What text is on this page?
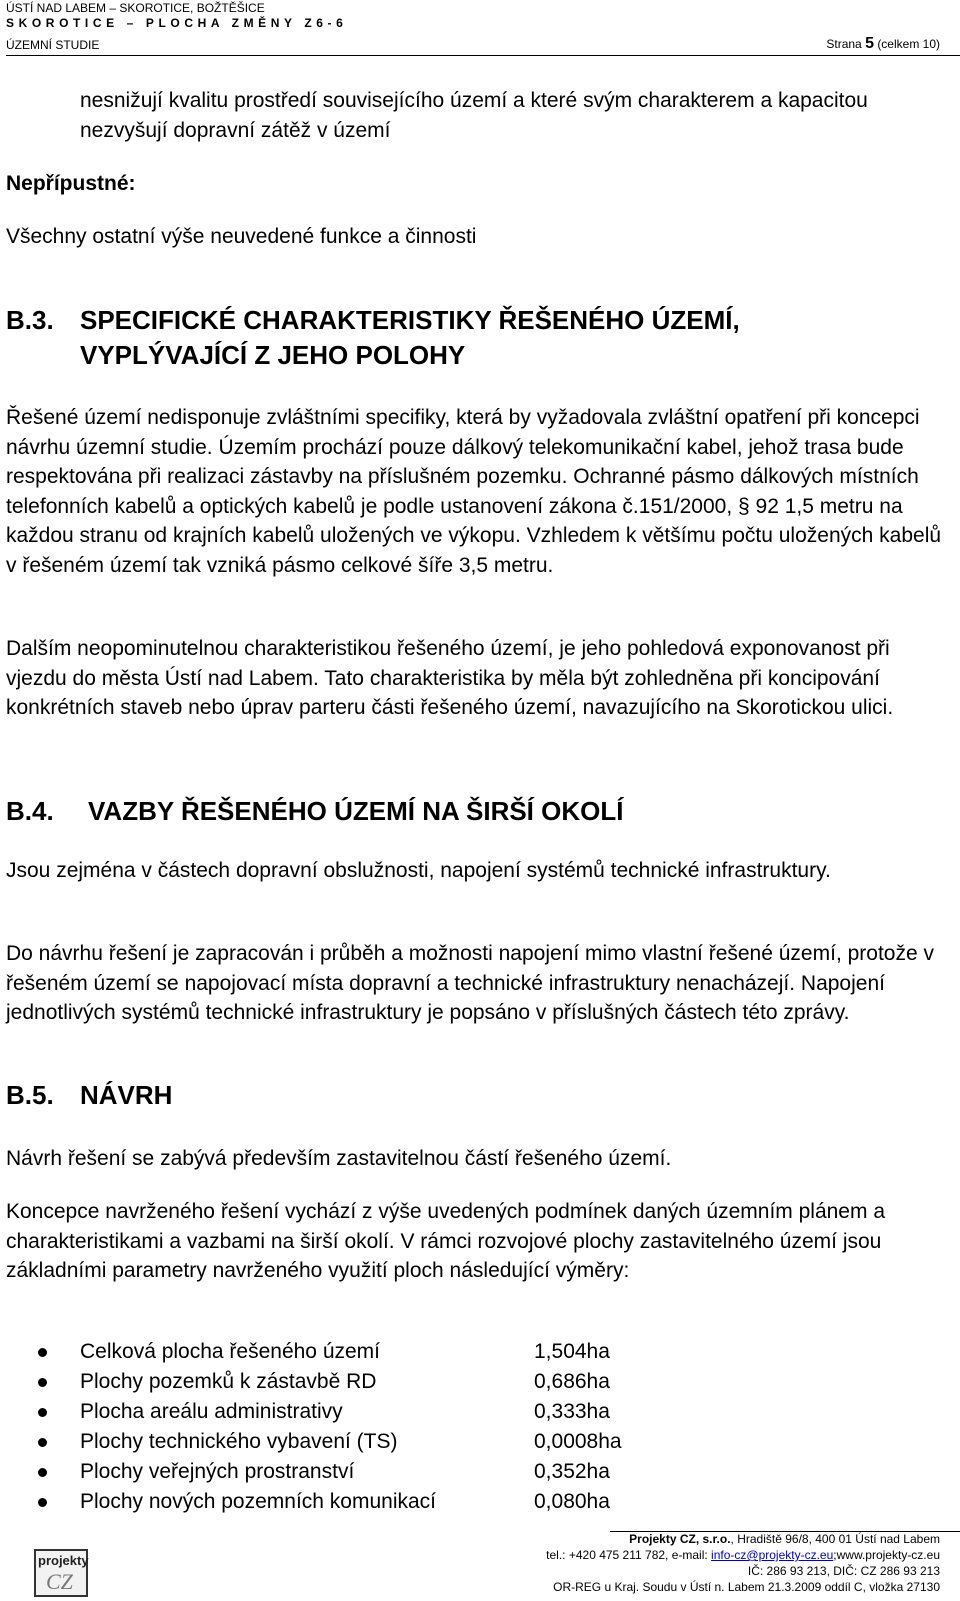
ÚSTÍ NAD LABEM – SKOROTICE, BOŽTĚŠICE
SKOROTICE – PLOCHA ZMĚNY Z6-6
ÚZEMNÍ STUDIE	Strana 5 (celkem 10)
nesnižují kvalitu prostředí souvisejícího území a které svým charakterem a kapacitou nezvyšují dopravní zátěž v území
Nepřípustné:
Všechny ostatní výše neuvedené funkce a činnosti
B.3. SPECIFICKÉ CHARAKTERISTIKY ŘEŠENÉHO ÚZEMÍ,
VYPLÝVAJÍCÍ Z JEHO POLOHY
Řešené území nedisponuje zvláštními specifiky, která by vyžadovala zvláštní opatření při koncepci návrhu územní studie. Územím prochází pouze dálkový telekomunikační kabel, jehož trasa bude respektována při realizaci zástavby na příslušném pozemku. Ochranné pásmo dálkových místních telefonních kabelů a optických kabelů je podle ustanovení zákona č.151/2000, § 92 1,5 metru na každou stranu od krajních kabelů uložených ve výkopu. Vzhledem k většímu počtu uložených kabelů v řešeném území tak vzniká pásmo celkové šíře 3,5 metru.
Dalším neopominutelnou charakteristikou řešeného území, je jeho pohledová exponovanost při vjezdu do města Ústí nad Labem. Tato charakteristika by měla být zohledněna při koncipování konkrétních staveb nebo úprav parteru části řešeného území, navazujícího na Skorotickou ulici.
B.4. VAZBY ŘEŠENÉHO ÚZEMÍ NA ŠIRŠÍ OKOLÍ
Jsou zejména v částech dopravní obslužnosti, napojení systémů technické infrastruktury.
Do návrhu řešení je zapracován i průběh a možnosti napojení mimo vlastní řešené území, protože v řešeném území se napojovací místa dopravní a technické infrastruktury nenacházejí. Napojení jednotlivých systémů technické infrastruktury je popsáno v příslušných částech této zprávy.
B.5. NÁVRH
Návrh řešení se zabývá především zastavitelnou částí řešeného území.
Koncepce navrženého řešení vychází z výše uvedených podmínek daných územním plánem a charakteristikami a vazbami na širší okolí. V rámci rozvojové plochy zastavitelného území jsou základními parametry navrženého využití ploch následující výměry:
Celková plocha řešeného území	1,504ha
Plochy pozemků k zástavbě RD	0,686ha
Plocha areálu administrativy	0,333ha
Plochy technického vybavení (TS)	0,0008ha
Plochy veřejných prostranství	0,352ha
Plochy nových pozemních komunikací	0,080ha
projekty
CZ
Projekty CZ, s.r.o., Hradiště 96/8, 400 01 Ústí nad Labem
tel.: +420 475 211 782, e-mail: info-cz@projekty-cz.eu;www.projekty-cz.eu
IČ: 286 93 213, DIČ: CZ 286 93 213
OR-REG u Kraj. Soudu v Ústí n. Labem 21.3.2009 oddíl C, vložka 27130
